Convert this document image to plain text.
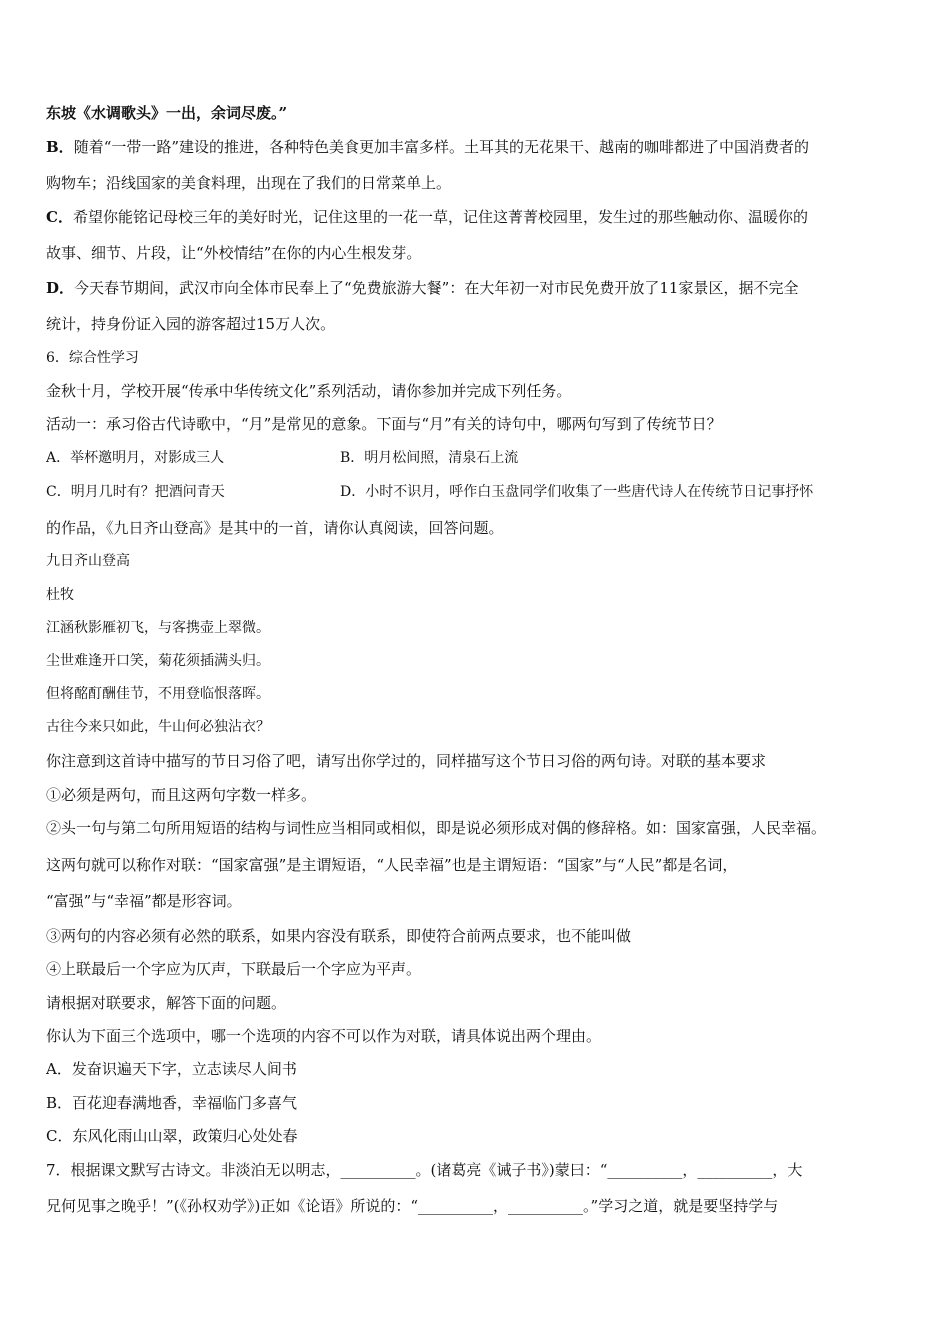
东坡《水调歌头》一出，余词尽废。”
B．随着“一带一路”建设的推进，各种特色美食更加丰富多样。土耳其的无花果干、越南的咖啡都进了中国消费者的
购物车；沿线国家的美食料理，出现在了我们的日常菜单上。
C．希望你能铭记母校三年的美好时光，记住这里的一花一草，记住这菁菁校园里，发生过的那些触动你、温暖你的
故事、细节、片段，让“外校情结”在你的内心生根发芽。
D．今天春节期间，武汉市向全体市民奉上了“免费旅游大餐”：在大年初一对市民免费开放了11家景区，据不完全
统计，持身份证入园的游客超过15万人次。
6．综合性学习
金秋十月，学校开展“传承中华传统文化”系列活动，请你参加并完成下列任务。
活动一：承习俗古代诗歌中，“月”是常见的意象。下面与“月”有关的诗句中，哪两句写到了传统节日？
A．举杯邀明月，对影成三人	B．明月松间照，清泉石上流
C．明月几时有？把酒问青天	D．小时不识月，呼作白玉盘同学们收集了一些唐代诗人在传统节日记事抒怀
的作品，《九日齐山登高》是其中的一首，请你认真阅读，回答问题。
九日齐山登高
杜牧
江涵秋影雁初飞，与客携壶上翠微。
尘世难逢开口笑，菊花须插满头归。
但将酩酊酬佳节，不用登临恨落晖。
古往今来只如此，牛山何必独沾衣？
你注意到这首诗中描写的节日习俗了吧，请写出你学过的，同样描写这个节日习俗的两句诗。对联的基本要求
①必须是两句，而且这两句字数一样多。
②头一句与第二句所用短语的结构与词性应当相同或相似，即是说必须形成对偶的修辞格。如：国家富强，人民幸福。
这两句就可以称作对联：“国家富强”是主谓短语，“人民幸福”也是主谓短语：“国家”与“人民”都是名词，
“富强”与“幸福”都是形容词。
③两句的内容必须有必然的联系，如果内容没有联系，即使符合前两点要求，也不能叫做
④上联最后一个字应为仄声，下联最后一个字应为平声。
请根据对联要求，解答下面的问题。
你认为下面三个选项中，哪一个选项的内容不可以作为对联，请具体说出两个理由。
A．发奋识遍天下字，立志读尽人间书
B．百花迎春满地香，幸福临门多喜气
C．东风化雨山山翠，政策归心处处春
7．根据课文默写古诗文。非淡泊无以明志，__________。(诸葛亮《诫子书》)蒙曰：“__________，__________，大
兄何见事之晚乎！”(《孙权劝学》)正如《论语》所说的：“__________，__________。”学习之道，就是要坚持学与
